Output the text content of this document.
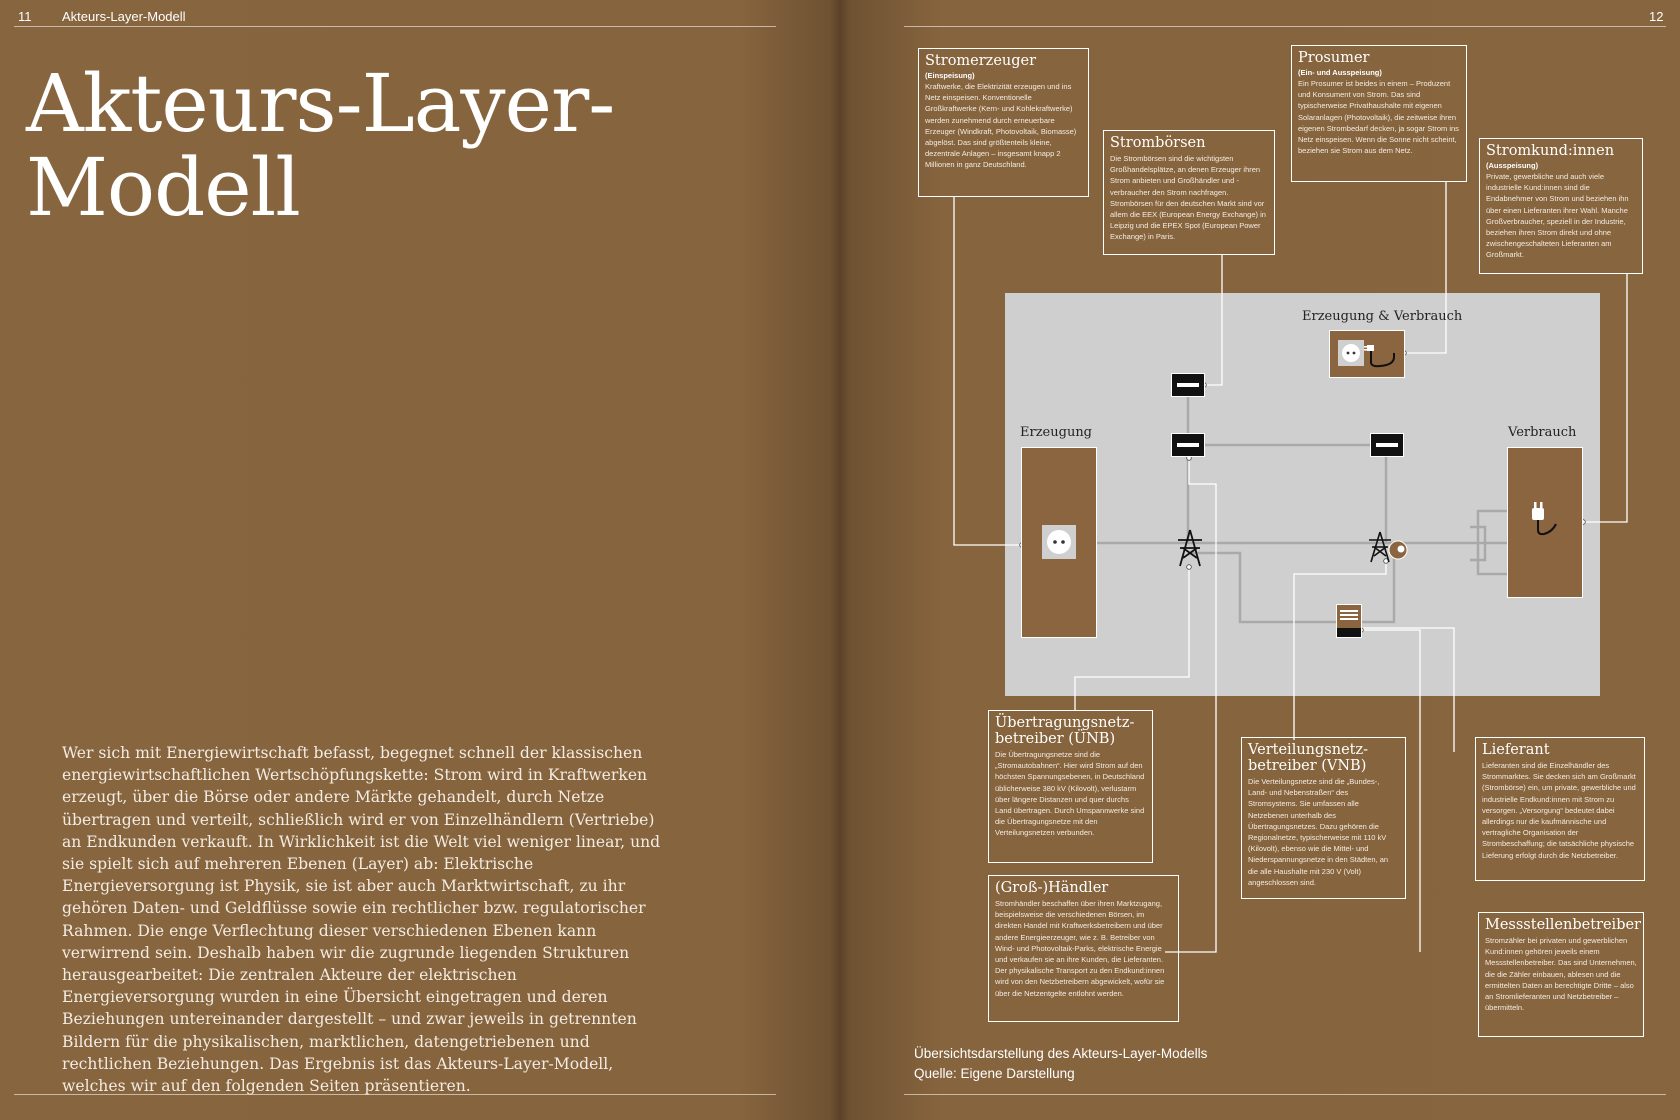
11 Akteurs-Layer-Modell	12
Akteurs-Layer-
Modell

Wer sich mit Energiewirtschaft befasst, begegnet schnell der klassischen energiewirtschaftlichen Wertschöpfungskette: Strom wird in Kraftwerken erzeugt, über die Börse oder andere Märkte gehandelt, durch Netze übertragen und verteilt, schließlich wird er von Einzelhändlern (Vertriebe) an Endkunden verkauft. In Wirklichkeit ist die Welt viel weniger linear, und sie spielt sich auf mehreren Ebenen (Layer) ab: Elektrische Energieversorgung ist Physik, sie ist aber auch Marktwirtschaft, zu ihr gehören Daten- und Geldflüsse sowie ein rechtlicher bzw. regulatorischer Rahmen. Die enge Verflechtung dieser verschiedenen Ebenen kann verwirrend sein. Deshalb haben wir die zugrunde liegenden Strukturen herausgearbeitet: Die zentralen Akteure der elektrischen Energieversorgung wurden in eine Übersicht eingetragen und deren Beziehungen untereinander dargestellt – und zwar jeweils in getrennten Bildern für die physikalischen, marktlichen, datengetriebenen und rechtlichen Beziehungen. Das Ergebnis ist das Akteurs-Layer-Modell, welches wir auf den folgenden Seiten präsentieren.

Erzeugung	Verbrauch
Erzeugung & Verbrauch
Stromerzeuger
(Einspeisung)

Kraftwerke, die Elektrizität erzeugen und ins Netz einspeisen. Konventionelle Großkraftwerke (Kern- und Kohlekraftwerke) werden zunehmend durch erneuerbare Erzeuger (Windkraft, Photovoltaik, Biomasse) abgelöst. Das sind größtenteils kleine, dezentrale Anlagen – insgesamt knapp 2 Millionen in ganz Deutschland.

Strombörsen

Die Strombörsen sind die wichtigsten Großhandelsplätze, an denen Erzeuger ihren Strom anbieten und Großhändler und -verbraucher den Strom nachfragen. Strombörsen für den deutschen Markt sind vor allem die EEX (European Energy Exchange) in Leipzig und die EPEX Spot (European Power Exchange) in Paris.

Prosumer
(Ein- und Ausspeisung)

Ein Prosumer ist beides in einem – Produzent und Konsument von Strom. Das sind typischerweise Privathaushalte mit eigenen Solaranlagen (Photovoltaik), die zeitweise ihren eigenen Strombedarf decken, ja sogar Strom ins Netz einspeisen. Wenn die Sonne nicht scheint, beziehen sie Strom aus dem Netz.	Stromkund:innen
(Ausspeisung)

Private, gewerbliche und auch viele industrielle Kund:innen sind die Endabnehmer von Strom und beziehen ihn über einen Lieferanten ihrer Wahl. Manche Großverbraucher, speziell in der Industrie, beziehen ihren Strom direkt und ohne zwischengeschalteten Lieferanten am Großmarkt.

Übertragungsnetz-betreiber (ÜNB)

Die Übertragungsnetze sind die „Stromautobahnen“. Hier wird Strom auf den höchsten Spannungsebenen, in Deutschland üblicherweise 380 kV (Kilovolt), verlustarm über längere Distanzen und quer durchs Land übertragen. Durch Umspannwerke sind die Übertragungsnetze mit den Verteilungsnetzen verbunden.

Verteilungsnetz-betreiber (VNB)

Die Verteilungsnetze sind die „Bundes-, Land- und Nebenstraßen“ des Stromsystems. Sie umfassen alle Netzebenen unterhalb des Übertragungsnetzes. Dazu gehören die Regionalnetze, typischerweise mit 110 kV (Kilovolt), ebenso wie die Mittel- und Niederspannungsnetze in den Städten, an die alle Haushalte mit 230 V (Volt) angeschlossen sind.

Lieferant

Lieferanten sind die Einzelhändler des Strommarktes. Sie decken sich am Großmarkt (Strombörse) ein, um private, gewerbliche und industrielle Endkund:innen mit Strom zu versorgen. „Versorgung“ bedeutet dabei allerdings nur die kaufmännische und vertragliche Organisation der Strombeschaffung; die tatsächliche physische Lieferung erfolgt durch die Netzbetreiber.

(Groß-)Händler

Stromhändler beschaffen über ihren Marktzugang, beispielsweise die verschiedenen Börsen, im direkten Handel mit Kraftwerksbetreibern und über andere Energieerzeuger, wie z. B. Betreiber von Wind- und Photovoltaik-Parks, elektrische Energie und verkaufen sie an ihre Kunden, die Lieferanten. Der physikalische Transport zu den Endkund:innen wird von den Netzbetreibern abgewickelt, wofür sie über die Netzentgelte entlohnt werden.

Messstellenbetreiber

Stromzähler bei privaten und gewerblichen Kund:innen gehören jeweils einem Messstellenbetreiber. Das sind Unternehmen, die die Zähler einbauen, ablesen und die ermittelten Daten an berechtigte Dritte – also an Stromlieferanten und Netzbetreiber – übermitteln.

Übersichtsdarstellung des Akteurs-Layer-Modells
Quelle: Eigene Darstellung
